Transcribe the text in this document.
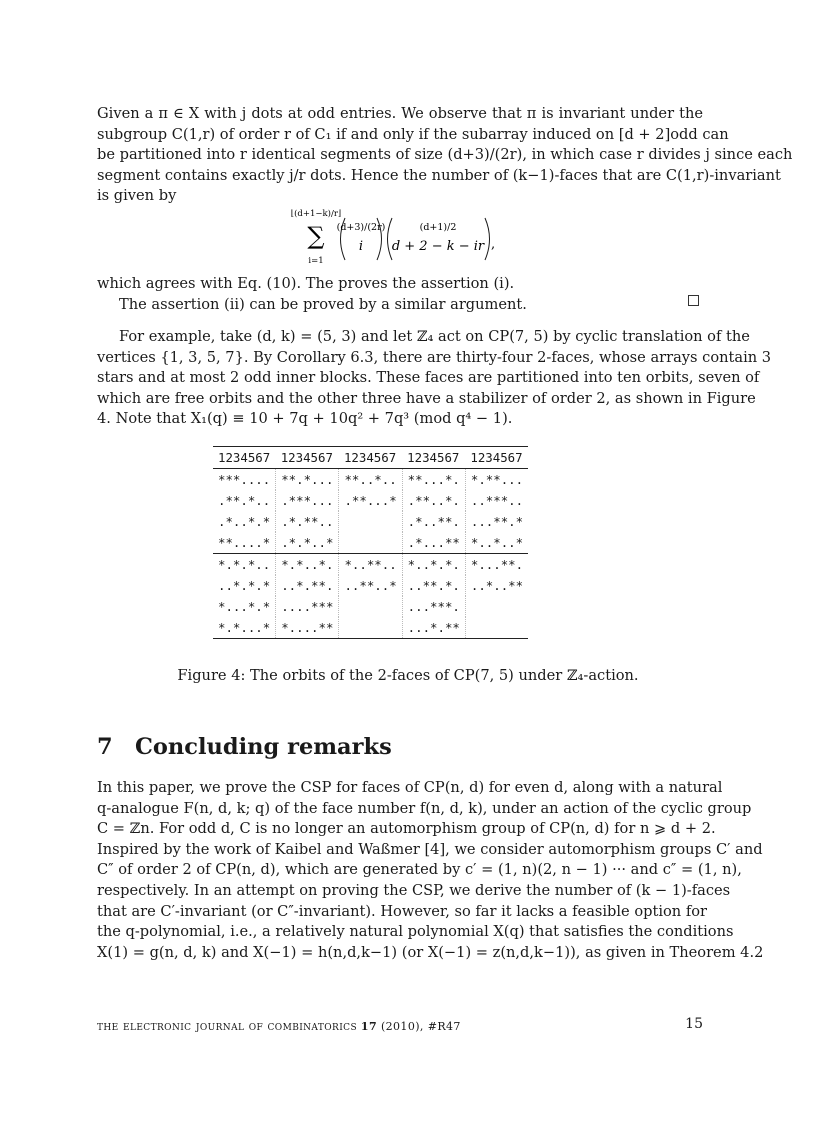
Given a π ∈ X with j dots at odd entries. We observe that π is invariant under the
subgroup C(1,r) of order r of C₁ if and only if the subarray induced on [d + 2]odd can
be partitioned into r identical segments of size (d+3)/(2r), in which case r divides j since each
segment contains exactly j/r dots. Hence the number of (k−1)-faces that are C(1,r)-invariant
is given by

⌊(d+1−k)/r⌋
∑
i=1
(d+3)/(2r)
i
(d+1)/2
d + 2 − k − ir ,

which agrees with Eq. (10). The proves the assertion (i).
The assertion (ii) can be proved by a similar argument.

For example, take (d, k) = (5, 3) and let ℤ₄ act on CP(7, 5) by cyclic translation of the
vertices {1, 3, 5, 7}. By Corollary 6.3, there are thirty-four 2-faces, whose arrays contain 3
stars and at most 2 odd inner blocks. These faces are partitioned into ten orbits, seven of
which are free orbits and the other three have a stabilizer of order 2, as shown in Figure
4. Note that X₁(q) ≡ 10 + 7q + 10q² + 7q³ (mod q⁴ − 1).

1234567	1234567	1234567	1234567	1234567
***....	**.*...	**..*..	**...*.	*.**...
.**.*..	.***...	.**...*	.**..*.	..***..
.*..*.*	.*.**..		.*..**.	...**.*
**....*	.*.*..*		.*...**	*..*..*
*.*.*..	*.*..*.	*..**..	*..*.*.	*...**.
..*.*.*	..*.**.	..**..*	..**.*.	..*..**
*...*.*	....***		...***.	
*.*...*	*....**		...*.**	
Figure 4: The orbits of the 2-faces of CP(7, 5) under ℤ₄-action.
7 Concluding remarks

In this paper, we prove the CSP for faces of CP(n, d) for even d, along with a natural
q-analogue F(n, d, k; q) of the face number f(n, d, k), under an action of the cyclic group
C = ℤn. For odd d, C is no longer an automorphism group of CP(n, d) for n ⩾ d + 2.
Inspired by the work of Kaibel and Waßmer [4], we consider automorphism groups C′ and
C″ of order 2 of CP(n, d), which are generated by c′ = (1, n)(2, n − 1) ··· and c″ = (1, n),
respectively. In an attempt on proving the CSP, we derive the number of (k − 1)-faces
that are C′-invariant (or C″-invariant). However, so far it lacks a feasible option for
the q-polynomial, i.e., a relatively natural polynomial X(q) that satisfies the conditions
X(1) = g(n, d, k) and X(−1) = h(n,d,k−1) (or X(−1) = z(n,d,k−1)), as given in Theorem 4.2

the electronic journal of combinatorics 17 (2010), #R47	15
